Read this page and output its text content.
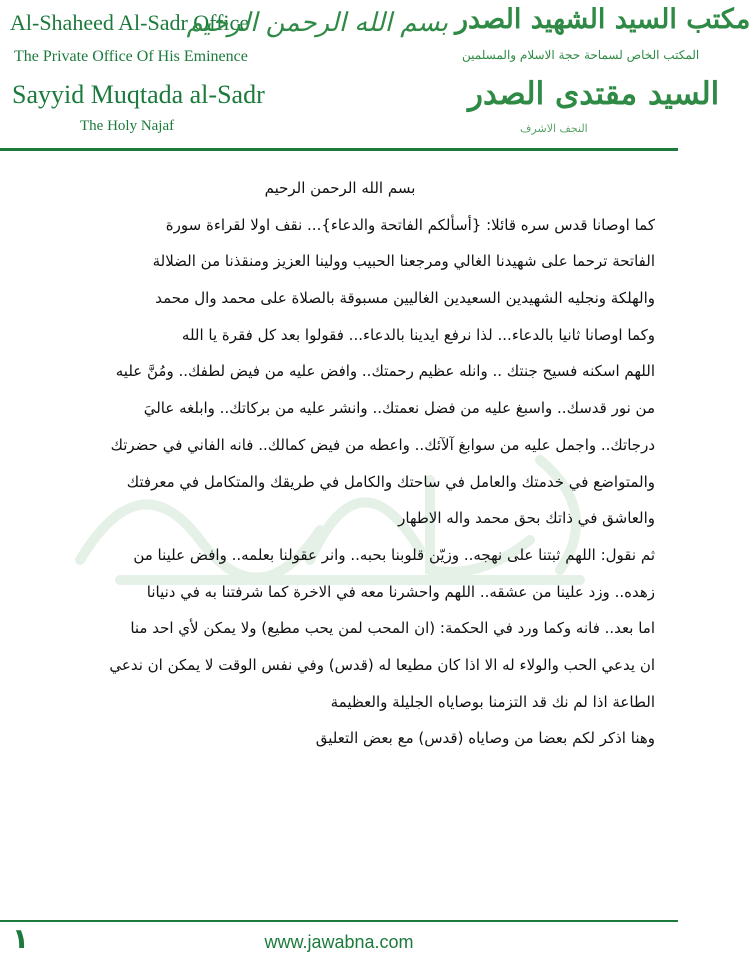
Al-Shaheed Al-Sadr Office
The Private Office Of His Eminence
Sayyid Muqtada al-Sadr
The Holy Najaf
بسم الله الرحمن الرحيم مكتب السيد الشهيد الصدر
المكتب الخاص لسماحة حجة الاسلام والمسلمين
السيد مقتدى الصدر
النجف الاشرف
بسم الله الرحمن الرحيم
كما اوصانا قدس سره قائلا: {أسألكم الفاتحة والدعاء}... نقف اولا لقراءة سورة
الفاتحة ترحما على شهيدنا الغالي ومرجعنا الحبيب وولينا العزيز ومنقذنا من الضلالة
والهلكة ونجليه الشهيدين السعيدين الغاليين مسبوقة بالصلاة على محمد وال محمد
وكما اوصانا ثانيا بالدعاء... لذا نرفع ايدينا بالدعاء... فقولوا بعد كل فقرة يا الله
اللهم اسكنه فسيح جنتك .. وانله عظيم رحمتك.. وافض عليه من فيض لطفك.. ومُنَّ عليه
من نور قدسك.. واسبغ عليه من فضل نعمتك.. وانشر عليه من بركاتك.. وابلغه عاليَ
درجاتك.. واجمل عليه من سوابغ آلآئك.. واعطه من فيض كمالك.. فانه الفاني في حضرتك
والمتواضع في خدمتك والعامل في ساحتك والكامل في طريقك والمتكامل في معرفتك
والعاشق في ذاتك بحق محمد واله الاطهار
ثم نقول: اللهم ثبتنا على نهجه.. وزيّن قلوبنا بحبه.. وانر عقولنا بعلمه.. وافض علينا من
زهده.. وزد علينا من عشقه.. اللهم واحشرنا معه في الاخرة كما شرفتنا به في دنيانا
اما بعد.. فانه وكما ورد في الحكمة: (ان المحب لمن يحب مطيع) ولا يمكن لأي احد منا
ان يدعي الحب والولاء له الا اذا كان مطيعا له (قدس) وفي نفس الوقت لا يمكن ان ندعي
الطاعة اذا لم نك قد التزمنا بوصاياه الجليلة والعظيمة
وهنا اذكر لكم بعضا من وصاياه (قدس) مع بعض التعليق
١	www.jawabna.com
